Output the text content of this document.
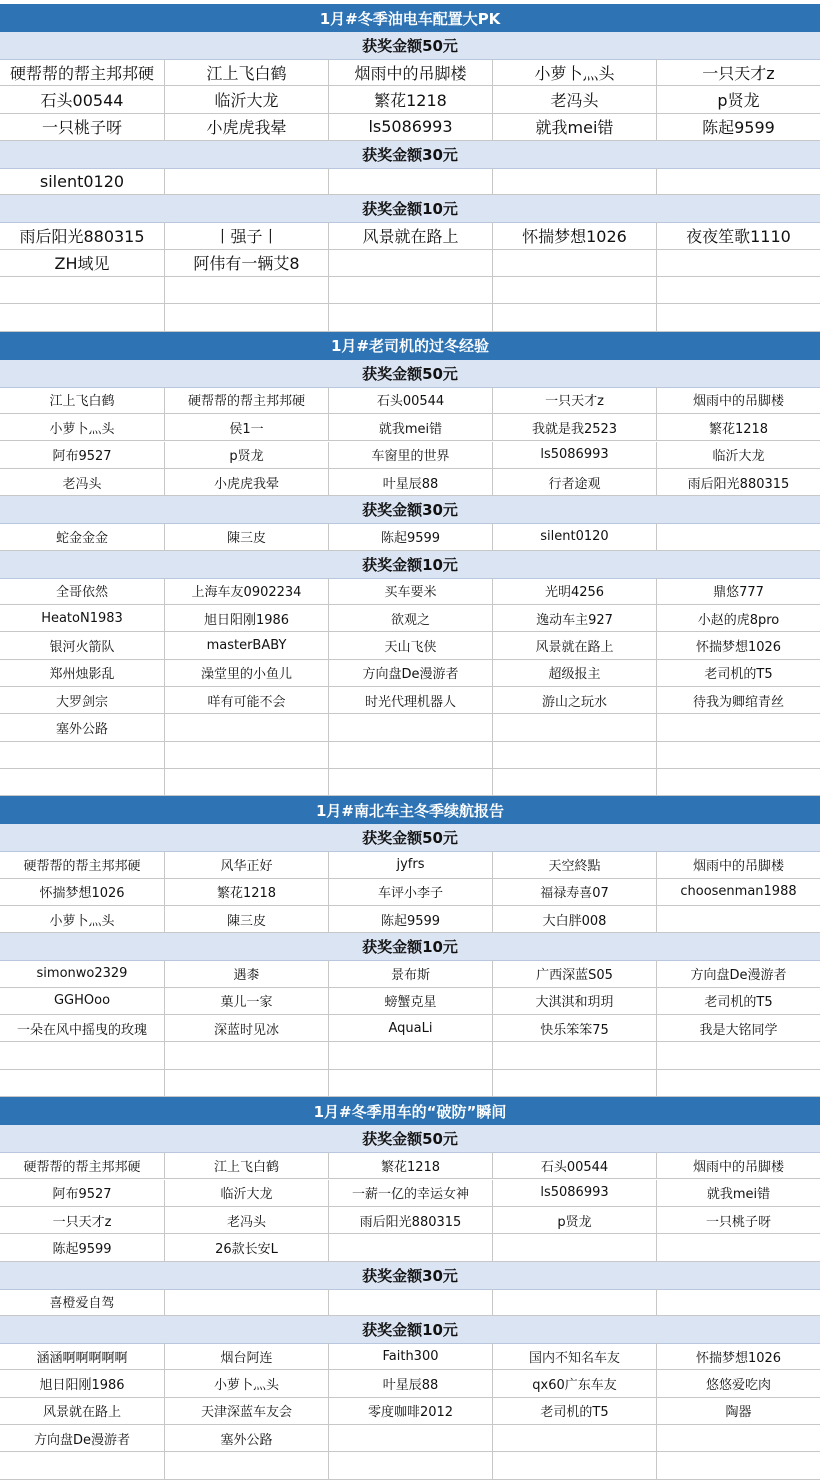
1月#冬季油电车配置大PK
获奖金额50元
硬帮帮的帮主邦邦硬	江上飞白鹤	烟雨中的吊脚楼	小萝卜灬头	一只天才z
石头00544	临沂大龙	繁花1218	老冯头	p贤龙
一只桃子呀	小虎虎我晕	ls5086993	就我mei错	陈起9599
获奖金额30元
silent0120
获奖金额10元
雨后阳光880315	丨强子丨	风景就在路上	怀揣梦想1026	夜夜笙歌1110
ZH域见	阿伟有一辆艾8
1月#老司机的过冬经验
获奖金额50元
江上飞白鹤	硬帮帮的帮主邦邦硬	石头00544	一只天才z	烟雨中的吊脚楼
小萝卜灬头	侯1一	就我mei错	我就是我2523	繁花1218
阿布9527	p贤龙	车窗里的世界	ls5086993	临沂大龙
老冯头	小虎虎我晕	叶星辰88	行者途观	雨后阳光880315
获奖金额30元
蛇金金金	陳三皮	陈起9599	silent0120
获奖金额10元
全哥依然	上海车友0902234	买车要米	光明4256	鼎悠777
HeatoN1983	旭日阳刚1986	欲观之	逸动车主927	小赵的虎8pro
银河火箭队	masterBABY	天山飞侠	风景就在路上	怀揣梦想1026
郑州烛影乱	澡堂里的小鱼儿	方向盘De漫游者	超级报主	老司机的T5
大罗剑宗	咩有可能不会	时光代理机器人	游山之玩水	待我为卿绾青丝
塞外公路
1月#南北车主冬季续航报告
获奖金额50元
硬帮帮的帮主邦邦硬	风华正好	jyfrs	天空終點	烟雨中的吊脚楼
怀揣梦想1026	繁花1218	车评小李子	福禄寿喜07	choosenman1988
小萝卜灬头	陳三皮	陈起9599	大白胖008
获奖金额10元
simonwo2329	遇桼	景布斯	广西深蓝S05	方向盘De漫游者
GGHOoo	菓儿一家	螃蟹克星	大淇淇和玥玥	老司机的T5
一朵在风中摇曳的玫瑰	深蓝时见冰	AquaLi	快乐笨笨75	我是大铭同学
1月#冬季用车的“破防”瞬间
获奖金额50元
硬帮帮的帮主邦邦硬	江上飞白鹤	繁花1218	石头00544	烟雨中的吊脚楼
阿布9527	临沂大龙	一薪一亿的幸运女神	ls5086993	就我mei错
一只天才z	老冯头	雨后阳光880315	p贤龙	一只桃子呀
陈起9599	26款长安L
获奖金额30元
喜橙爱自驾
获奖金额10元
涵涵啊啊啊啊啊	烟台阿连	Faith300	国内不知名车友	怀揣梦想1026
旭日阳刚1986	小萝卜灬头	叶星辰88	qx60广东车友	悠悠爱吃肉
风景就在路上	天津深蓝车友会	零度咖啡2012	老司机的T5	陶器
方向盘De漫游者	塞外公路
